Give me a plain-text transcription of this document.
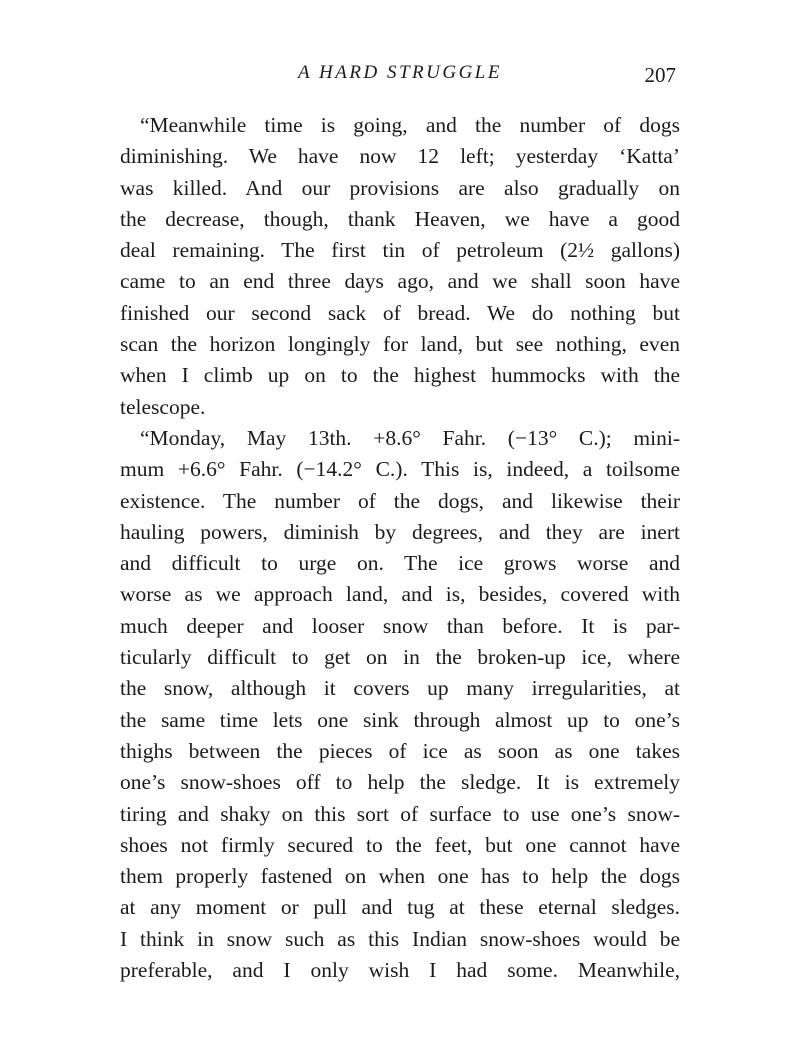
A HARD STRUGGLE	207
“Meanwhile time is going, and the number of dogs
diminishing. We have now 12 left; yesterday ‘Katta’
was killed. And our provisions are also gradually on
the decrease, though, thank Heaven, we have a good
deal remaining. The first tin of petroleum (2½ gallons)
came to an end three days ago, and we shall soon have
finished our second sack of bread. We do nothing but
scan the horizon longingly for land, but see nothing, even
when I climb up on to the highest hummocks with the
telescope.
“Monday, May 13th. +8.6° Fahr. (−13° C.); mini-
mum +6.6° Fahr. (−14.2° C.). This is, indeed, a toilsome
existence. The number of the dogs, and likewise their
hauling powers, diminish by degrees, and they are inert
and difficult to urge on. The ice grows worse and
worse as we approach land, and is, besides, covered with
much deeper and looser snow than before. It is par-
ticularly difficult to get on in the broken-up ice, where
the snow, although it covers up many irregularities, at
the same time lets one sink through almost up to one’s
thighs between the pieces of ice as soon as one takes
one’s snow-shoes off to help the sledge. It is extremely
tiring and shaky on this sort of surface to use one’s snow-
shoes not firmly secured to the feet, but one cannot have
them properly fastened on when one has to help the dogs
at any moment or pull and tug at these eternal sledges.
I think in snow such as this Indian snow-shoes would be
preferable, and I only wish I had some. Meanwhile,
